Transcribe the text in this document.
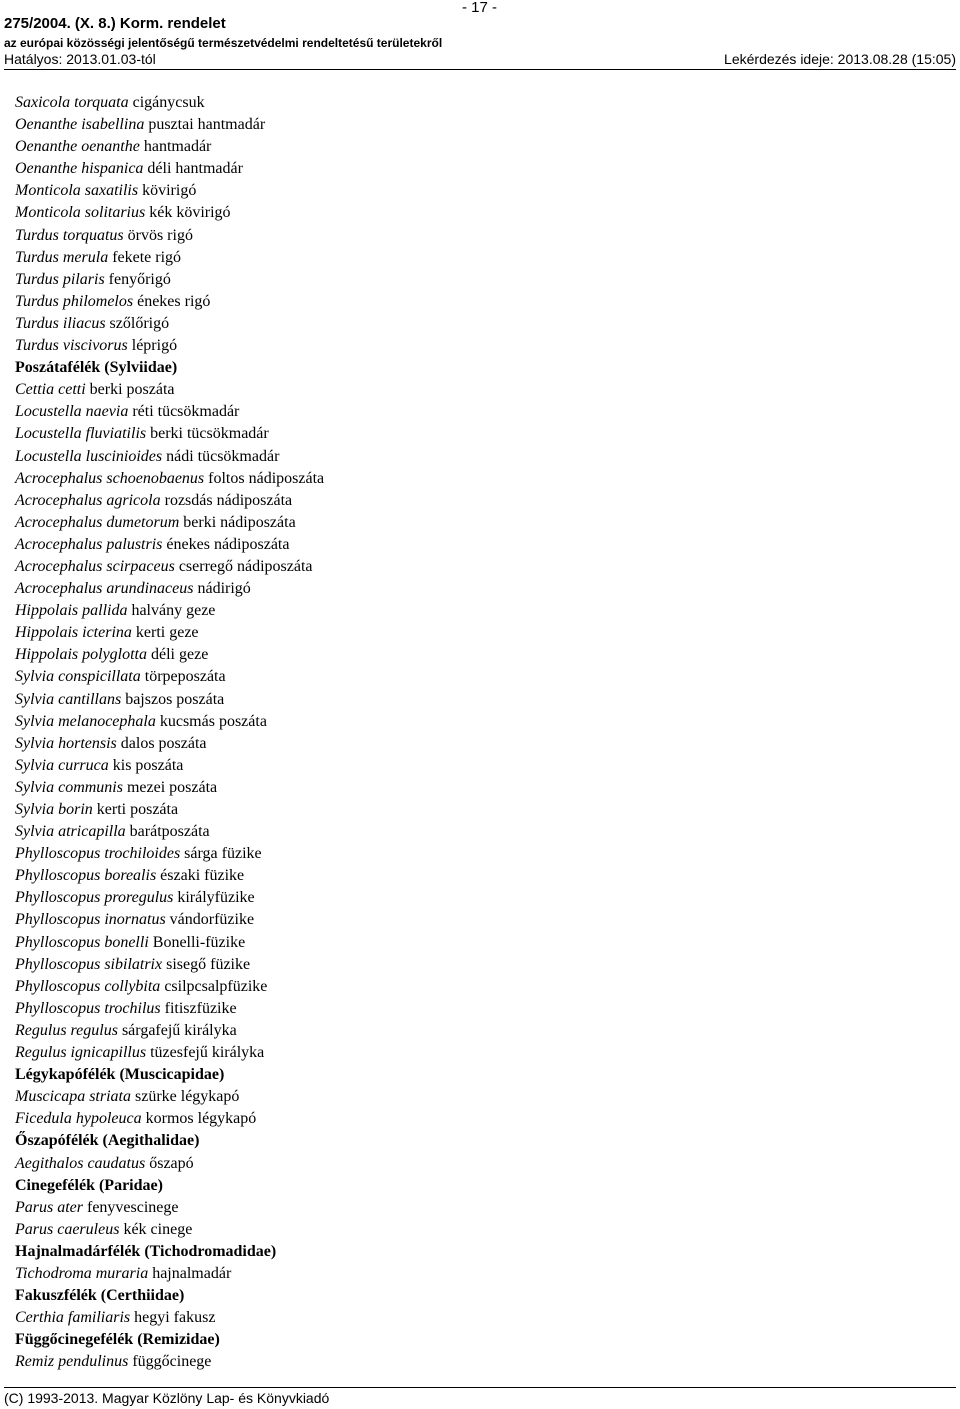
- 17 -
275/2004. (X. 8.) Korm. rendelet
az európai közösségi jelentőségű természetvédelmi rendeltetésű területekről
Hatályos: 2013.01.03-tól	Lekérdezés ideje: 2013.08.28 (15:05)
Saxicola torquata cigánycsuk
Oenanthe isabellina pusztai hantmadár
Oenanthe oenanthe hantmadár
Oenanthe hispanica déli hantmadár
Monticola saxatilis kövirigó
Monticola solitarius kék kövirigó
Turdus torquatus örvös rigó
Turdus merula fekete rigó
Turdus pilaris fenyőrigó
Turdus philomelos énekes rigó
Turdus iliacus szőlőrigó
Turdus viscivorus léprigó
Poszátafélék (Sylviidae)
Cettia cetti berki poszáta
Locustella naevia réti tücsökmadár
Locustella fluviatilis berki tücsökmadár
Locustella luscinioides nádi tücsökmadár
Acrocephalus schoenobaenus foltos nádiposzáta
Acrocephalus agricola rozsdás nádiposzáta
Acrocephalus dumetorum berki nádiposzáta
Acrocephalus palustris énekes nádiposzáta
Acrocephalus scirpaceus cserregő nádiposzáta
Acrocephalus arundinaceus nádirigó
Hippolais pallida halvány geze
Hippolais icterina kerti geze
Hippolais polyglotta déli geze
Sylvia conspicillata törpeposzáta
Sylvia cantillans bajszos poszáta
Sylvia melanocephala kucsmás poszáta
Sylvia hortensis dalos poszáta
Sylvia curruca kis poszáta
Sylvia communis mezei poszáta
Sylvia borin kerti poszáta
Sylvia atricapilla barátposzáta
Phylloscopus trochiloides sárga füzike
Phylloscopus borealis északi füzike
Phylloscopus proregulus királyfüzike
Phylloscopus inornatus vándorfüzike
Phylloscopus bonelli Bonelli-füzike
Phylloscopus sibilatrix sisegő füzike
Phylloscopus collybita csilpcsalpfüzike
Phylloscopus trochilus fitiszfüzike
Regulus regulus sárgafejű királyka
Regulus ignicapillus tüzesfejű királyka
Légykapófélék (Muscicapidae)
Muscicapa striata szürke légykapó
Ficedula hypoleuca kormos légykapó
Őszapófélék (Aegithalidae)
Aegithalos caudatus őszapó
Cinegefélék (Paridae)
Parus ater fenyvescinege
Parus caeruleus kék cinege
Hajnalmadárfélék (Tichodromadidae)
Tichodroma muraria hajnalmadár
Fakuszfélék (Certhiidae)
Certhia familiaris hegyi fakusz
Függőcinegefélék (Remizidae)
Remiz pendulinus függőcinege
(C) 1993-2013. Magyar Közlöny Lap- és Könyvkiadó
